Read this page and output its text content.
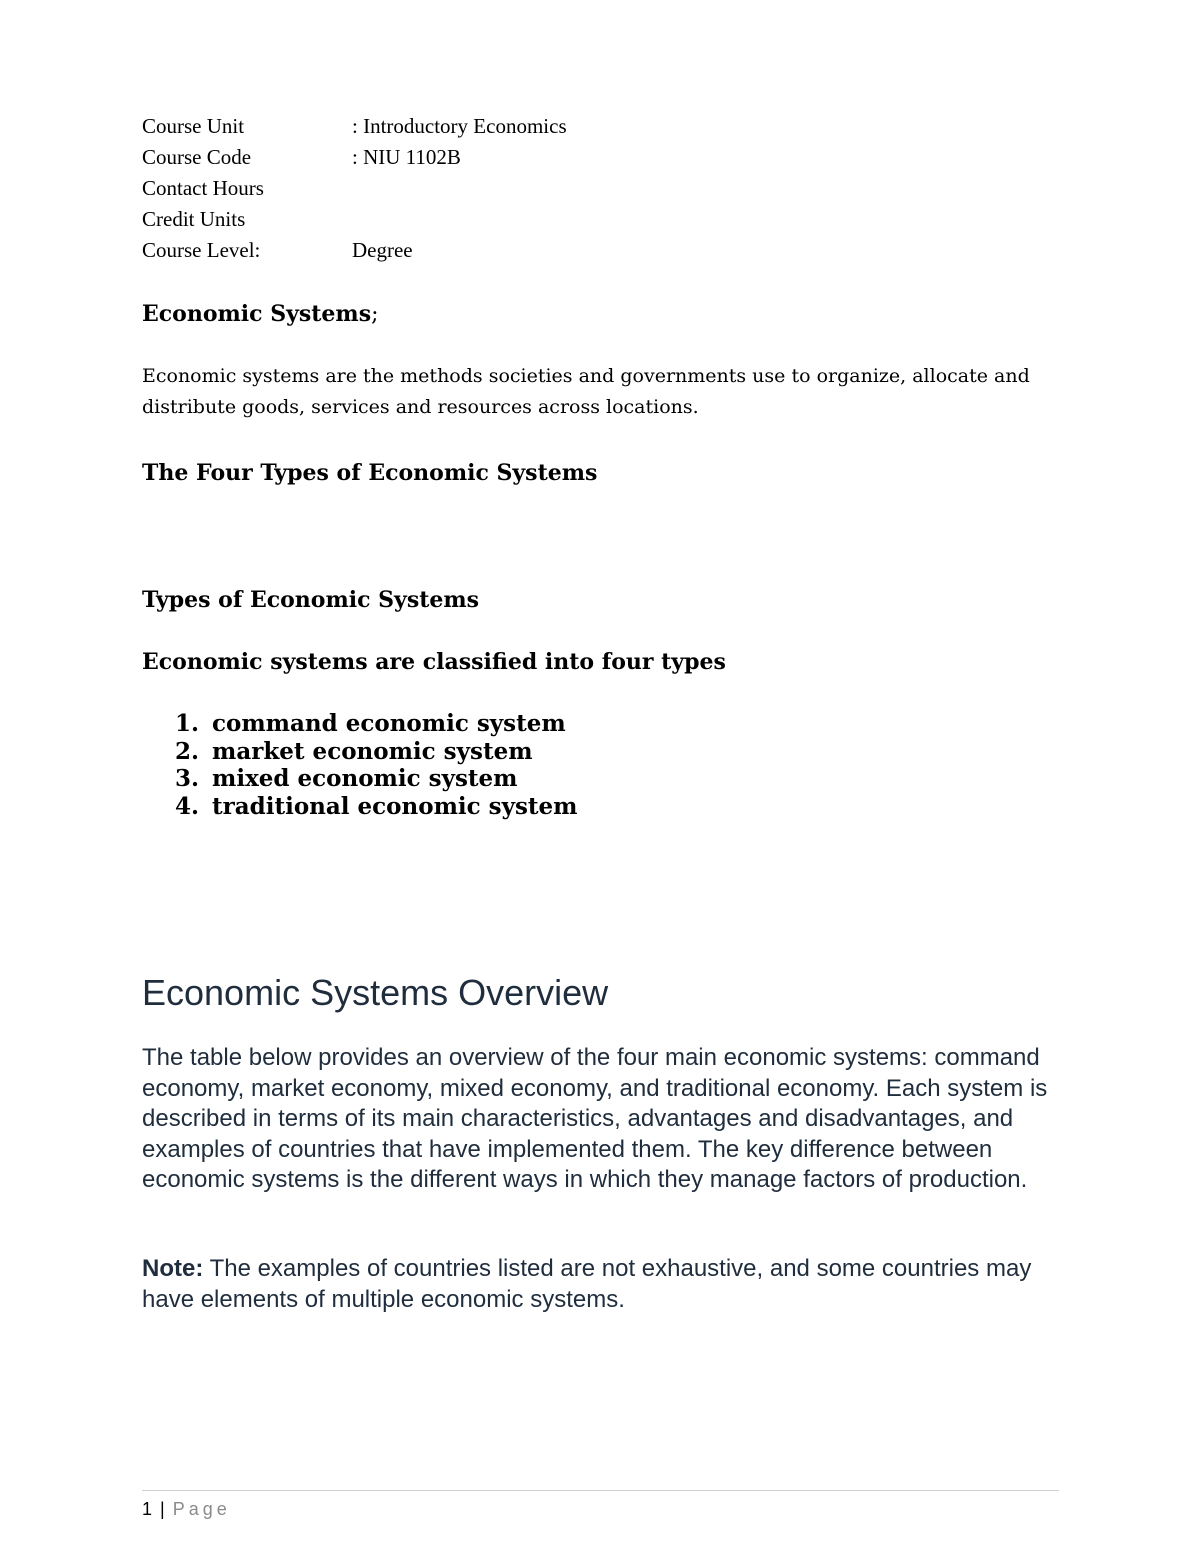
Course Unit	: Introductory Economics
Course Code	: NIU 1102B
Contact Hours
Credit Units
Course Level:	Degree
Economic Systems;
Economic systems are the methods societies and governments use to organize, allocate and distribute goods, services and resources across locations.
The Four Types of Economic Systems
Types of Economic Systems
Economic systems are classified into four types
1. command economic system
2. market economic system
3. mixed economic system
4. traditional economic system
Economic Systems Overview
The table below provides an overview of the four main economic systems: command economy, market economy, mixed economy, and traditional economy. Each system is described in terms of its main characteristics, advantages and disadvantages, and examples of countries that have implemented them. The key difference between economic systems is the different ways in which they manage factors of production.
Note: The examples of countries listed are not exhaustive, and some countries may have elements of multiple economic systems.
1 | Page
